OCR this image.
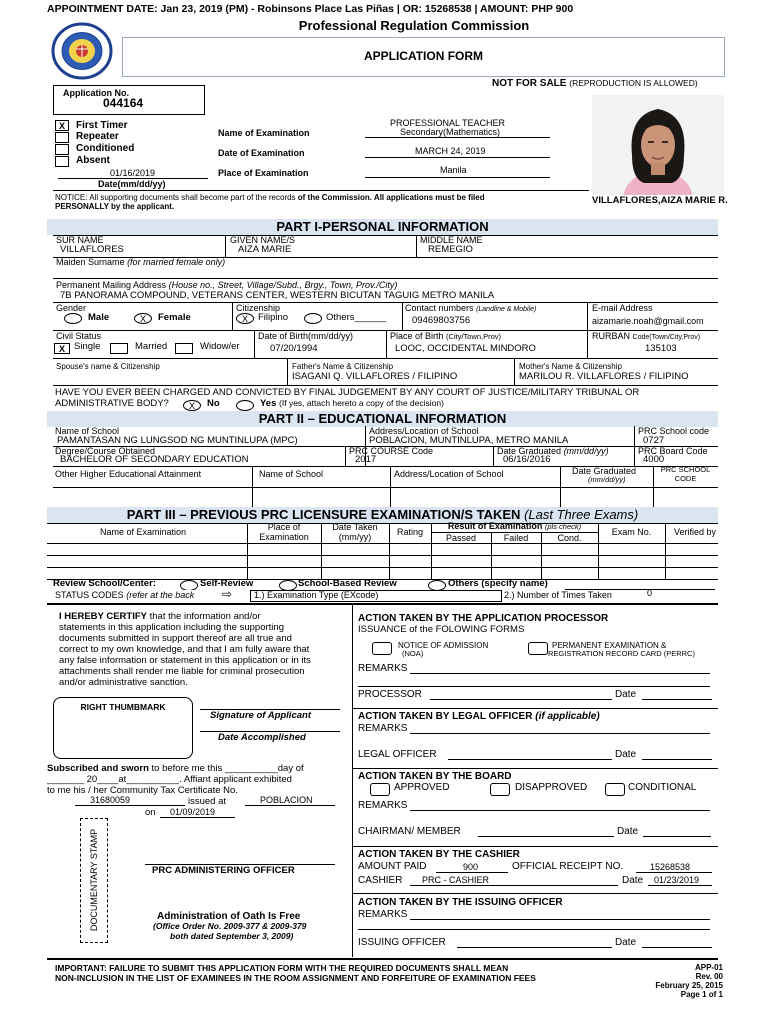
APPOINTMENT DATE: Jan 23, 2019 (PM) - Robinsons Place Las Piñas | OR: 15268538 | AMOUNT: PHP 900
Professional Regulation Commission
APPLICATION FORM
NOT FOR SALE (REPRODUCTION IS ALLOWED)
Application No.
044164
X	First Timer
Repeater
Conditioned
Absent
01/16/2019
Date(mm/dd/yy)
Name of Examination
PROFESSIONAL TEACHER
Secondary(Mathematics)
Date of Examination	MARCH 24, 2019
Place of Examination	Manila
VILLAFLORES,AIZA MARIE R.
NOTICE: All supporting documents shall become part of the records of the Commission. All applications must be filed
PERSONALLY by the applicant.
PART I-PERSONAL INFORMATION
SUR NAME
VILLAFLORES
GIVEN NAME/S
AIZA MARIE
MIDDLE NAME
REMEGIO
Maiden Surname (for married female only)
Permanent Mailing Address (House no., Street, Village/Subd., Brgy., Town, Prov./City)
7B PANORAMA COMPOUND, VETERANS CENTER, WESTERN BICUTAN TAGUIG METRO MANILA
Gender
Male	X	Female
Citizenship
X	Filipino	Others______
Contact numbers (Landline & Mobile)
09469803756
E-mail Address
aizamarie.noah@gmail.com
Civil Status
X Single	Married	Widow/er
Date of Birth(mm/dd/yy)
07/20/1994
Place of Birth (City/Town,Prov)
LOOC, OCCIDENTAL MINDORO
RURBAN Code(Town/City,Prov)
135103
Spouse's name & Citizenship	Father's Name & Citizenship
ISAGANI Q. VILLAFLORES / FILIPINO
Mother's Name & Citizenship
MARILOU R. VILLAFLORES / FILIPINO
HAVE YOU EVER BEEN CHARGED AND CONVICTED BY FINAL JUDGEMENT BY ANY COURT OF JUSTICE/MILITARY TRIBUNAL OR
ADMINISTRATIVE BODY?	X	No	Yes (If yes, attach hereto a copy of the decision)
PART II – EDUCATIONAL INFORMATION
Name of School
PAMANTASAN NG LUNGSOD NG MUNTINLUPA (MPC)
Address/Location of School
POBLACION, MUNTINLUPA, METRO MANILA
PRC School code
0727
Degree/Course Obtained
BACHELOR OF SECONDARY EDUCATION
PRC COURSE Code
2017
Date Graduated (mm/dd/yy)
06/16/2016
PRC Board Code
4000
Other Higher Educational Attainment	Name of School	Address/Location of School	Date Graduated
(mm/dd/yy)
PRC SCHOOL
CODE
PART III – PREVIOUS PRC LICENSURE EXAMINATION/S TAKEN (Last Three Exams)
Name of Examination	Place of
Examination
Date Taken
(mm/yy)	Rating
Result of Examination (pls check)
Passed	Failed	Cond.
Exam No.	Verified by
Review School/Center:	Self-Review	School-Based Review	Others (specify name)
STATUS CODES (refer at the back ⇨ 1.) Examination Type (EXcode)	2.) Number of Times Taken	0
I HEREBY CERTIFY that the information and/or
statements in this application including the supporting
documents submitted in support thereof are all true and
correct to my own knowledge, and that I am fully aware that
any false information or statement in this application or in its
attachments shall render me liable for criminal prosecution
and/or administrative sanction.
RIGHT THUMBMARK
Signature of Applicant
Date Accomplished
Subscribed and sworn to before me this __________day of
_______ 20____at__________. Affiant applicant exhibited
to me his / her Community Tax Certificate No.
31680059	issued at	POBLACION
on 01/09/2019
DOCUMENTARY STAMP	PRC ADMINISTERING OFFICER
Administration of Oath Is Free
(Office Order No. 2009-377 & 2009-379
both dated September 3, 2009)
ACTION TAKEN BY THE APPLICATION PROCESSOR
ISSUANCE of the FOLOWING FORMS
NOTICE OF ADMISSION
(NOA)
PERMANENT EXAMINATION &
REGISTRATION RECORD CARD (PERRC)
REMARKS
PROCESSOR	Date
ACTION TAKEN BY LEGAL OFFICER (if applicable)
REMARKS
LEGAL OFFICER	Date
ACTION TAKEN BY THE BOARD
APPROVED	DISAPPROVED	CONDITIONAL
REMARKS
CHAIRMAN/ MEMBER	Date
ACTION TAKEN BY THE CASHIER
AMOUNT PAID	900	OFFICIAL RECEIPT NO.	15268538
CASHIER PRC - CASHIER	Date 01/23/2019
ACTION TAKEN BY THE ISSUING OFFICER
REMARKS
ISSUING OFFICER	Date
IMPORTANT: FAILURE TO SUBMIT THIS APPLICATION FORM WITH THE REQUIRED DOCUMENTS SHALL MEAN
NON-INCLUSION IN THE LIST OF EXAMINEES IN THE ROOM ASSIGNMENT AND FORFEITURE OF EXAMINATION FEES
APP-01
Rev. 00
February 25, 2015
Page 1 of 1
